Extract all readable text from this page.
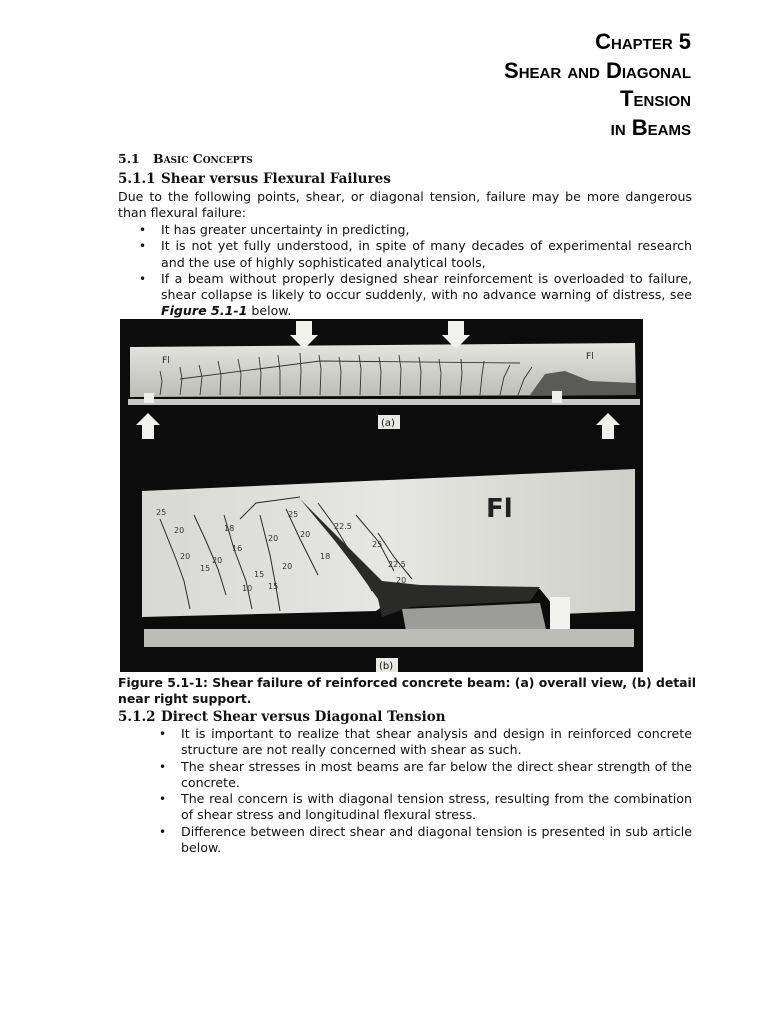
Chapter 5
Shear and Diagonal
Tension
in Beams
5.1 Basic Concepts
5.1.1 Shear versus Flexural Failures
Due to the following points, shear, or diagonal tension, failure may be more dangerous than flexural failure:
• It has greater uncertainty in predicting,
• It is not yet fully understood, in spite of many decades of experimental research and the use of highly sophisticated analytical tools,
• If a beam without properly designed shear reinforcement is overloaded to failure, shear collapse is likely to occur suddenly, with no advance warning of distress, see Figure 5.1-1 below.
Fl	Fl
(a)
25
20
20
18
16
15
20
20
15
25
20
22.5
25
22.5
20
18
15
10
20
Fl
(b)
Figure 5.1-1: Shear failure of reinforced concrete beam: (a) overall view, (b) detail near right support.
5.1.2 Direct Shear versus Diagonal Tension
• It is important to realize that shear analysis and design in reinforced concrete structure are not really concerned with shear as such.
• The shear stresses in most beams are far below the direct shear strength of the concrete.
• The real concern is with diagonal tension stress, resulting from the combination of shear stress and longitudinal flexural stress.
• Difference between direct shear and diagonal tension is presented in sub article below.
